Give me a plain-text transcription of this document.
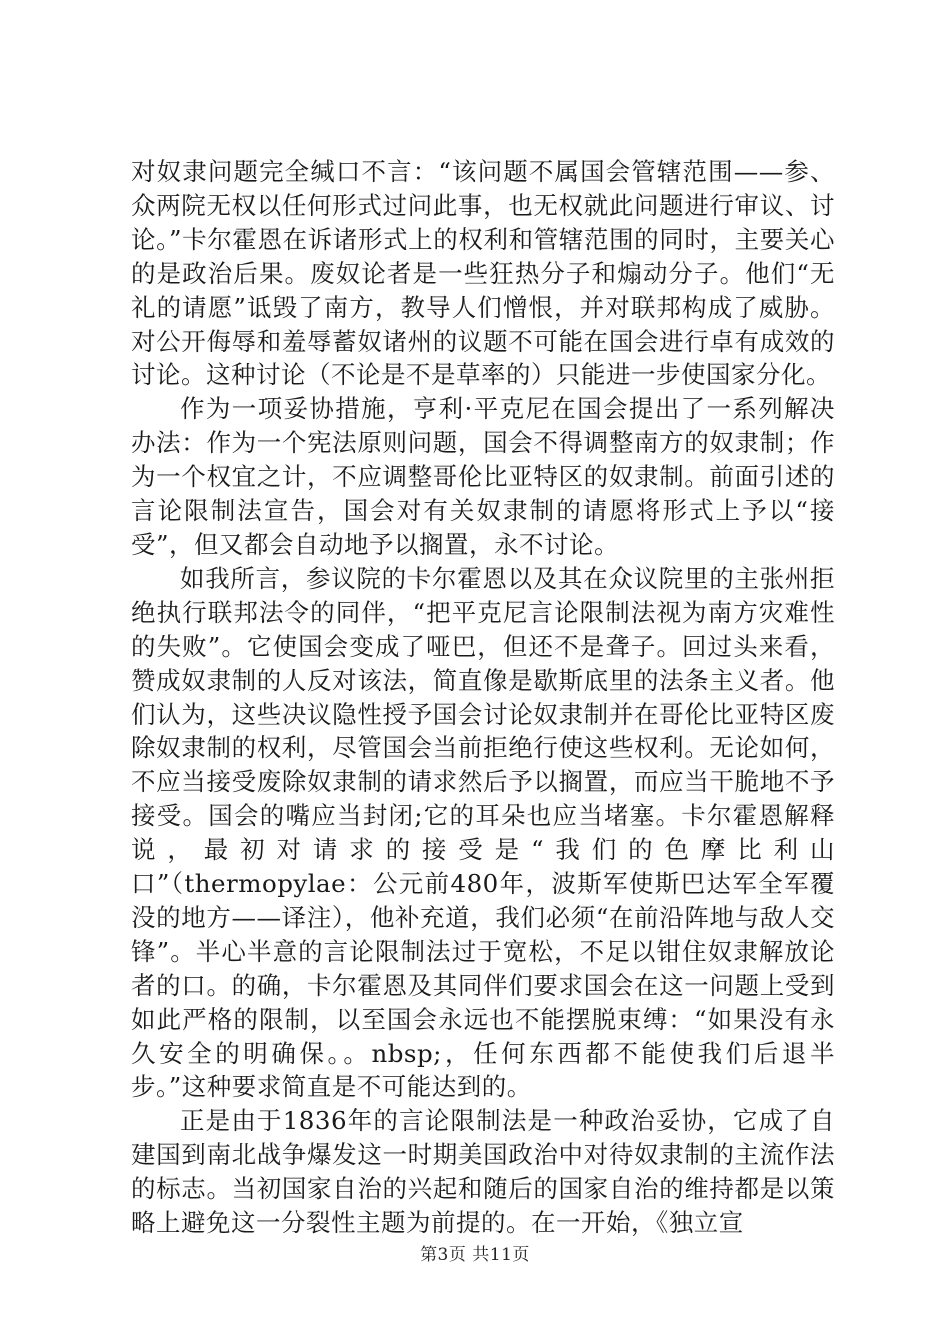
对奴隶问题完全缄口不言：“该问题不属国会管辖范围——参、众两院无权以任何形式过问此事，也无权就此问题进行审议、讨论。”卡尔霍恩在诉诸形式上的权利和管辖范围的同时，主要关心的是政治后果。废奴论者是一些狂热分子和煽动分子。他们“无礼的请愿”诋毁了南方，教导人们憎恨，并对联邦构成了威胁。对公开侮辱和羞辱蓄奴诸州的议题不可能在国会进行卓有成效的讨论。这种讨论（不论是不是草率的）只能进一步使国家分化。

作为一项妥协措施，亨利·平克尼在国会提出了一系列解决办法：作为一个宪法原则问题，国会不得调整南方的奴隶制；作为一个权宜之计，不应调整哥伦比亚特区的奴隶制。前面引述的言论限制法宣告，国会对有关奴隶制的请愿将形式上予以“接受”，但又都会自动地予以搁置，永不讨论。

如我所言，参议院的卡尔霍恩以及其在众议院里的主张州拒绝执行联邦法令的同伴，“把平克尼言论限制法视为南方灾难性的失败”。它使国会变成了哑巴，但还不是聋子。回过头来看，赞成奴隶制的人反对该法，简直像是歇斯底里的法条主义者。他们认为，这些决议隐性授予国会讨论奴隶制并在哥伦比亚特区废除奴隶制的权利，尽管国会当前拒绝行使这些权利。无论如何，不应当接受废除奴隶制的请求然后予以搁置，而应当干脆地不予接受。国会的嘴应当封闭;它的耳朵也应当堵塞。卡尔霍恩解释说，最初对请求的接受是“我们的色摩比利山口”（thermopylae：公元前480年，波斯军使斯巴达军全军覆没的地方——译注），他补充道，我们必须“在前沿阵地与敌人交锋”。半心半意的言论限制法过于宽松，不足以钳住奴隶解放论者的口。的确，卡尔霍恩及其同伴们要求国会在这一问题上受到如此严格的限制，以至国会永远也不能摆脱束缚：“如果没有永久安全的明确保。。nbsp;，任何东西都不能使我们后退半步。”这种要求简直是不可能达到的。

正是由于1836年的言论限制法是一种政治妥协，它成了自建国到南北战争爆发这一时期美国政治中对待奴隶制的主流作法的标志。当初国家自治的兴起和随后的国家自治的维持都是以策略上避免这一分裂性主题为前提的。在一开始，《独立宣

第3页 共11页
